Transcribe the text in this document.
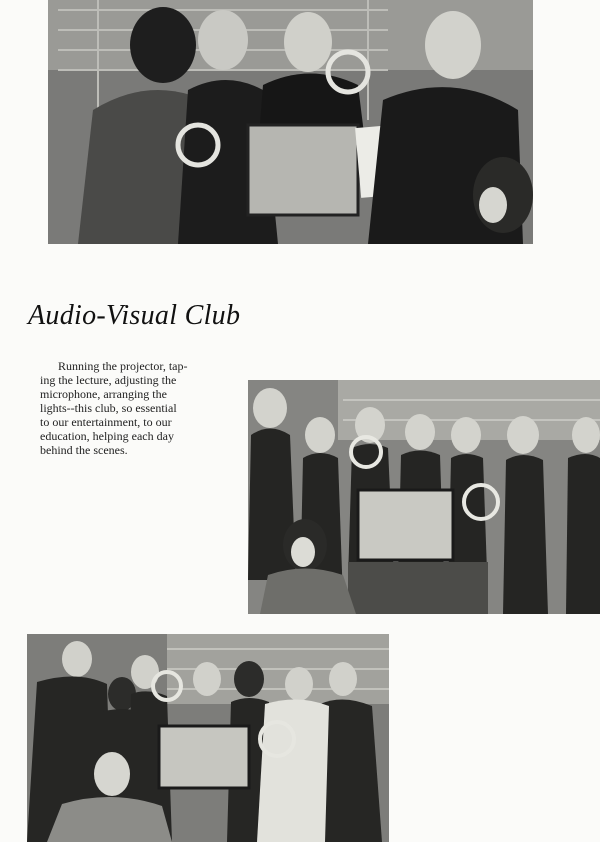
Audio-Visual Club
Running the projector, tap-
ing the lecture, adjusting the
microphone, arranging the
lights--this club, so essential
to our entertainment, to our
education, helping each day
behind the scenes.
